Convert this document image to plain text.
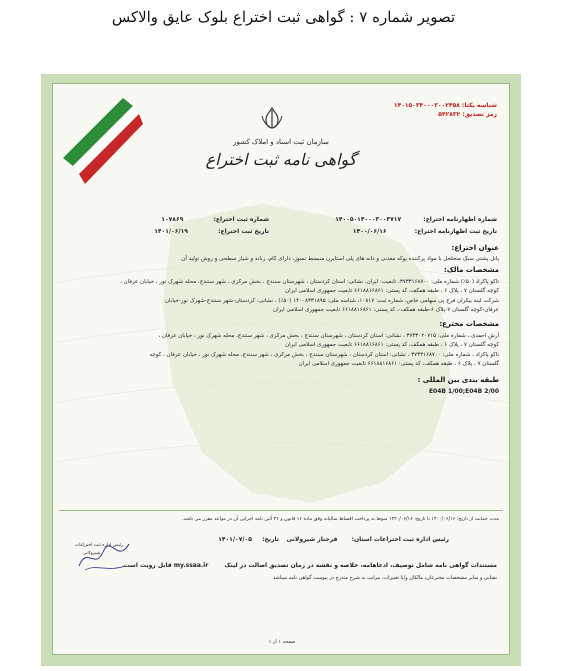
تصویر شماره ۷ : گواهی ثبت اختراع بلوک عایق والاکس
شناسه یکتا: ۱۴۰۱۵۰۳۴۰۰۰۳۰۰۲۴۵۸
رمز تصدیق: ۵۴۲۸۳۲
سازمان ثبت اسناد و املاک کشور
گواهی نامه ثبت اختراع
شماره اظهارنامه اختراع:  ۱۴۰۰۵۰۱۴۰۰۰۳۰۰۳۷۱۷
شماره ثبت اختراع:  ۱۰۷۸۶۹
تاریخ ثبت اظهارنامه اختراع:  ۱۴۰۰/۰۶/۱۶
تاریخ ثبت اختراع:  ۱۴۰۱/۰۶/۱۹
عنوان اختراع:
پانل پشتی سبک متخلخل با مواد پرکننده پوکه معدنی و دانه های پلی استایرن منبسط نسوز، دارای کام، زبانه و شیار سطحی و روش تولید آن
مشخصات مالک:
تاکو پاکزاد (۵۰٪) شماره ملی: ۳۷۳۳۱۶۸۷۰۰، تابعیت: ایران، نشانی: استان کردستان ، شهرستان سنندج ، بخش مرکزی ، شهر سنندج، محله شهرک نور ، خیابان عرفان ،
کوچه گلستان ۷ ، پلاک ۶ ، طبقه همکف، کد پستی: ۶۶۱۸۸۱۶۸۶۱ تابعیت جمهوری اسلامی ایران
شرکت لینه بیکران فرج پی سهامی خاص، شماره ثبت: ۱۰۸۱۷، شناسه ملی: ۱۴۰۰۸۳۳۱۸۹۵ (۵۰٪) ، نشانی: کردستان-شهر سنندج-شهرک نور-خیابان
عرفان-کوچه گلستان ۷-پلاک ۶-طبقه همکف-، کد پستی: ۶۶۱۸۸۱۶۸۶۱ تابعیت جمهوری اسلامی ایران
مشخصات مخترع:
آرش احمدی ، شماره ملی: ۳۷۳۳۰۲۰۷۱۵ ، نشانی: استان کردستان ، شهرستان سنندج ، بخش مرکزی ، شهر سنندج، محله شهرک نور ، خیابان عرفان ،
کوچه گلستان ۷ ، پلاک ۶ ، طبقه همکف، کد پستی: ۶۶۱۸۸۱۶۸۶۱ تابعیت جمهوری اسلامی ایران
تاکو پاکزاد ، شماره ملی: ۳۷۳۳۱۶۸۷۰۰ ، نشانی: استان کردستان ، شهرستان سنندج ، بخش مرکزی ، شهر سنندج، محله شهرک نور ، خیابان عرفان ، کوچه
گلستان ۷ ، پلاک ۶ ، طبقه همکف، کد پستی: ۶۶۱۸۸۱۶۸۶۱ تابعیت جمهوری اسلامی ایران
طبقه بندی بین المللی :
E04B 1/00;E04B 2/00
مدت حمایت از تاریخ: ۱۴۰۰/۰۶/۱۶ تا تاریخ: ۱۴۲۰/۰۶/۱۶ منوط به پرداخت اقساط سالیانه وفق ماده ۱۶ قانون و ۳۶ آئین نامه اجرایی آن در مواعد مقرر می باشد.
رئیس اداره ثبت اختراعات استان:  فرحناز شیرولانی
تاریخ:  ۱۴۰۱/۰۷/۰۵
رئیس اداره ثبت اختراعات
شیرولانی
مستندات گواهی نامه شامل توصیف، ادعاهامه، خلاصه و نقشه در زمان تصدیق اصالت در لینک  my.ssaa.ir قابل رویت است
نشانی و سایر مشخصات مخترعان، مالکان و/یا تغییرات، مراتب به شرح مندرج در پیوست گواهی نامه میباشد
صفحه ۱ از ۱
